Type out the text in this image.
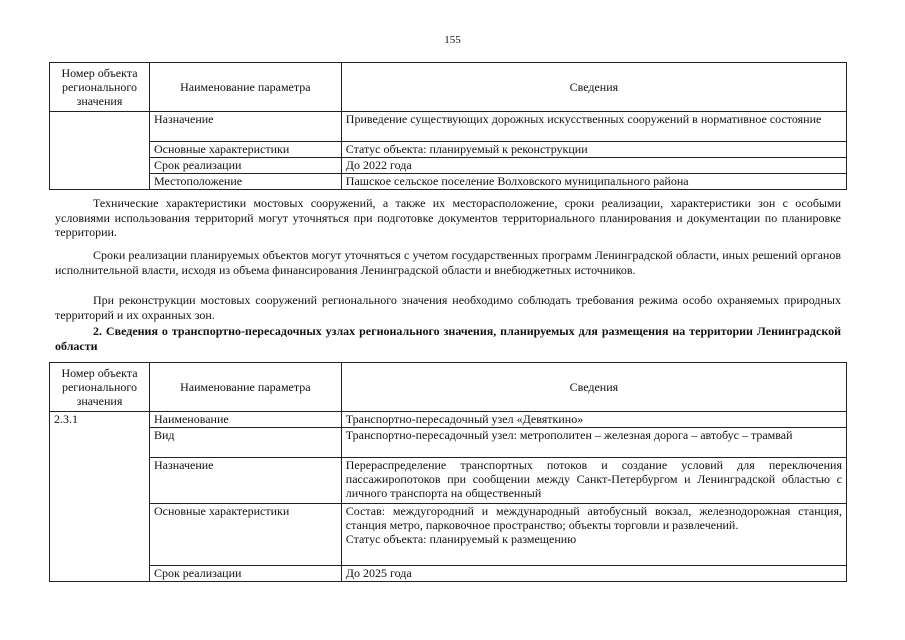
155
Номер объекта регионального значения	Наименование параметра	Сведения
	Назначение	Приведение существующих дорожных искусственных сооружений в нормативное состояние
	Основные характеристики	Статус объекта: планируемый к реконструкции
	Срок реализации	До 2022 года
	Местоположение	Пашское сельское поселение Волховского муниципального района
Технические характеристики мостовых сооружений, а также их месторасположение, сроки реализации, характеристики зон с особыми условиями использования территорий могут уточняться при подготовке документов территориального планирования и документации по планировке территории.
Сроки реализации планируемых объектов могут уточняться с учетом государственных программ Ленинградской области, иных решений органов исполнительной власти, исходя из объема финансирования Ленинградской области и внебюджетных источников.
При реконструкции мостовых сооружений регионального значения необходимо соблюдать требования режима особо охраняемых природных территорий и их охранных зон.
2. Сведения о транспортно-пересадочных узлах регионального значения, планируемых для размещения на территории Ленинградской области
Номер объекта регионального значения	Наименование параметра	Сведения
2.3.1	Наименование	Транспортно-пересадочный узел «Девяткино»
	Вид	Транспортно-пересадочный узел: метрополитен – железная дорога – автобус – трамвай
	Назначение	Перераспределение транспортных потоков и создание условий для переключения пассажиропотоков при сообщении между Санкт-Петербургом и Ленинградской областью с личного транспорта на общественный
	Основные характеристики	Состав: междугородний и международный автобусный вокзал, железнодорожная станция, станция метро, парковочное пространство; объекты торговли и развлечений.
Статус объекта: планируемый к размещению

	Срок реализации	До 2025 года
